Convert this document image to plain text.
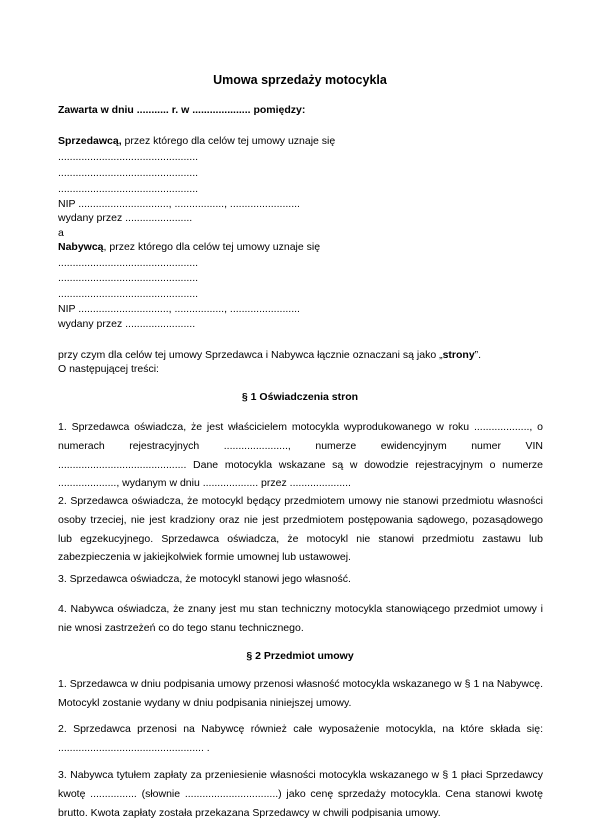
Umowa sprzedaży motocykla
Zawarta w dniu ........... r. w .................... pomiędzy:
Sprzedawcą, przez którego dla celów tej umowy uznaje się
................................................
................................................
................................................
NIP ..............................., ................., ........................
wydany przez .......................
a
Nabywcą, przez którego dla celów tej umowy uznaje się
................................................
................................................
................................................
NIP ..............................., ................., ........................
wydany przez ........................
przy czym dla celów tej umowy Sprzedawca i Nabywca łącznie oznaczani są jako „strony”.
O następującej treści:
§ 1 Oświadczenia stron

1. Sprzedawca oświadcza, że jest właścicielem motocykla wyprodukowanego w roku ..................., o numerach rejestracyjnych ......................, numerze ewidencyjnym numer VIN ............................................ Dane motocykla wskazane są w dowodzie rejestracyjnym o numerze ...................., wydanym w dniu ................... przez .....................

2. Sprzedawca oświadcza, że motocykl będący przedmiotem umowy nie stanowi przedmiotu własności osoby trzeciej, nie jest kradziony oraz nie jest przedmiotem postępowania sądowego, pozasądowego lub egzekucyjnego. Sprzedawca oświadcza, że motocykl nie stanowi przedmiotu zastawu lub zabezpieczenia w jakiejkolwiek formie umownej lub ustawowej.

3. Sprzedawca oświadcza, że motocykl stanowi jego własność.

4. Nabywca oświadcza, że znany jest mu stan techniczny motocykla stanowiącego przedmiot umowy i nie wnosi zastrzeżeń co do tego stanu technicznego.

§ 2 Przedmiot umowy

1. Sprzedawca w dniu podpisania umowy przenosi własność motocykla wskazanego w § 1 na Nabywcę. Motocykl zostanie wydany w dniu podpisania niniejszej umowy.

2. Sprzedawca przenosi na Nabywcę również całe wyposażenie motocykla, na które składa się: .................................................. .

3. Nabywca tytułem zapłaty za przeniesienie własności motocykla wskazanego w § 1 płaci Sprzedawcy kwotę ................ (słownie ................................) jako cenę sprzedaży motocykla. Cena stanowi kwotę brutto. Kwota zapłaty została przekazana Sprzedawcy w chwili podpisania umowy.
